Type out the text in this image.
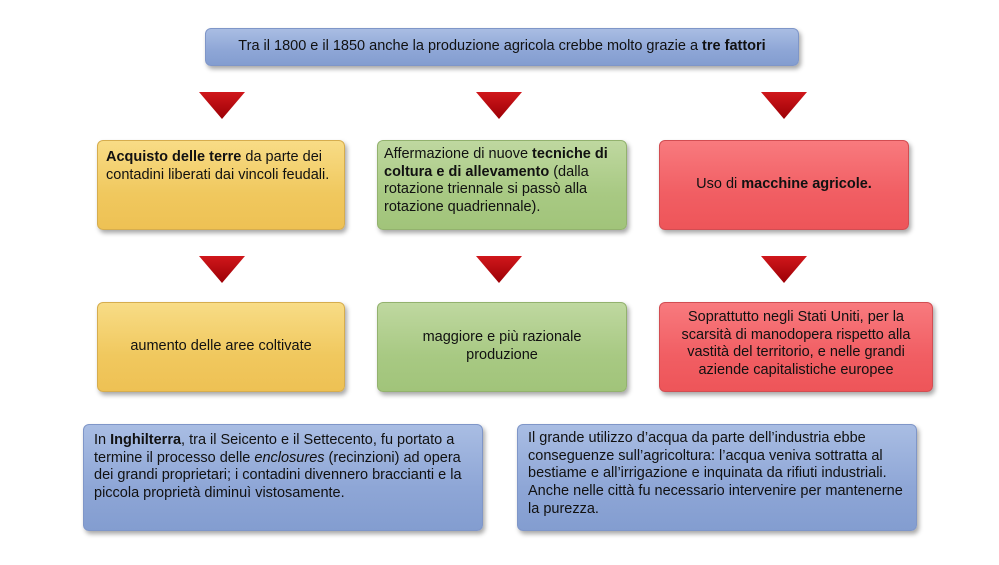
Tra il 1800 e il 1850 anche la produzione agricola crebbe molto grazie a tre fattori
Acquisto delle terre da parte dei contadini liberati dai vincoli feudali.
Affermazione di nuove tecniche di coltura e di allevamento (dalla rotazione triennale si passò alla rotazione quadriennale).
Uso di macchine agricole.
aumento delle aree coltivate
maggiore e più razionale produzione
Soprattutto negli Stati Uniti, per la scarsità di manodopera rispetto alla vastità del territorio, e nelle grandi aziende capitalistiche europee
In Inghilterra, tra il Seicento e il Settecento, fu portato a termine il processo delle enclosures (recinzioni) ad opera dei grandi proprietari; i contadini divennero braccianti e la piccola proprietà diminuì vistosamente.
Il grande utilizzo d’acqua da parte dell’industria ebbe conseguenze sull’agricoltura: l’acqua veniva sottratta al bestiame e all’irrigazione e inquinata da rifiuti industriali. Anche nelle città fu necessario intervenire per mantenerne la purezza.
